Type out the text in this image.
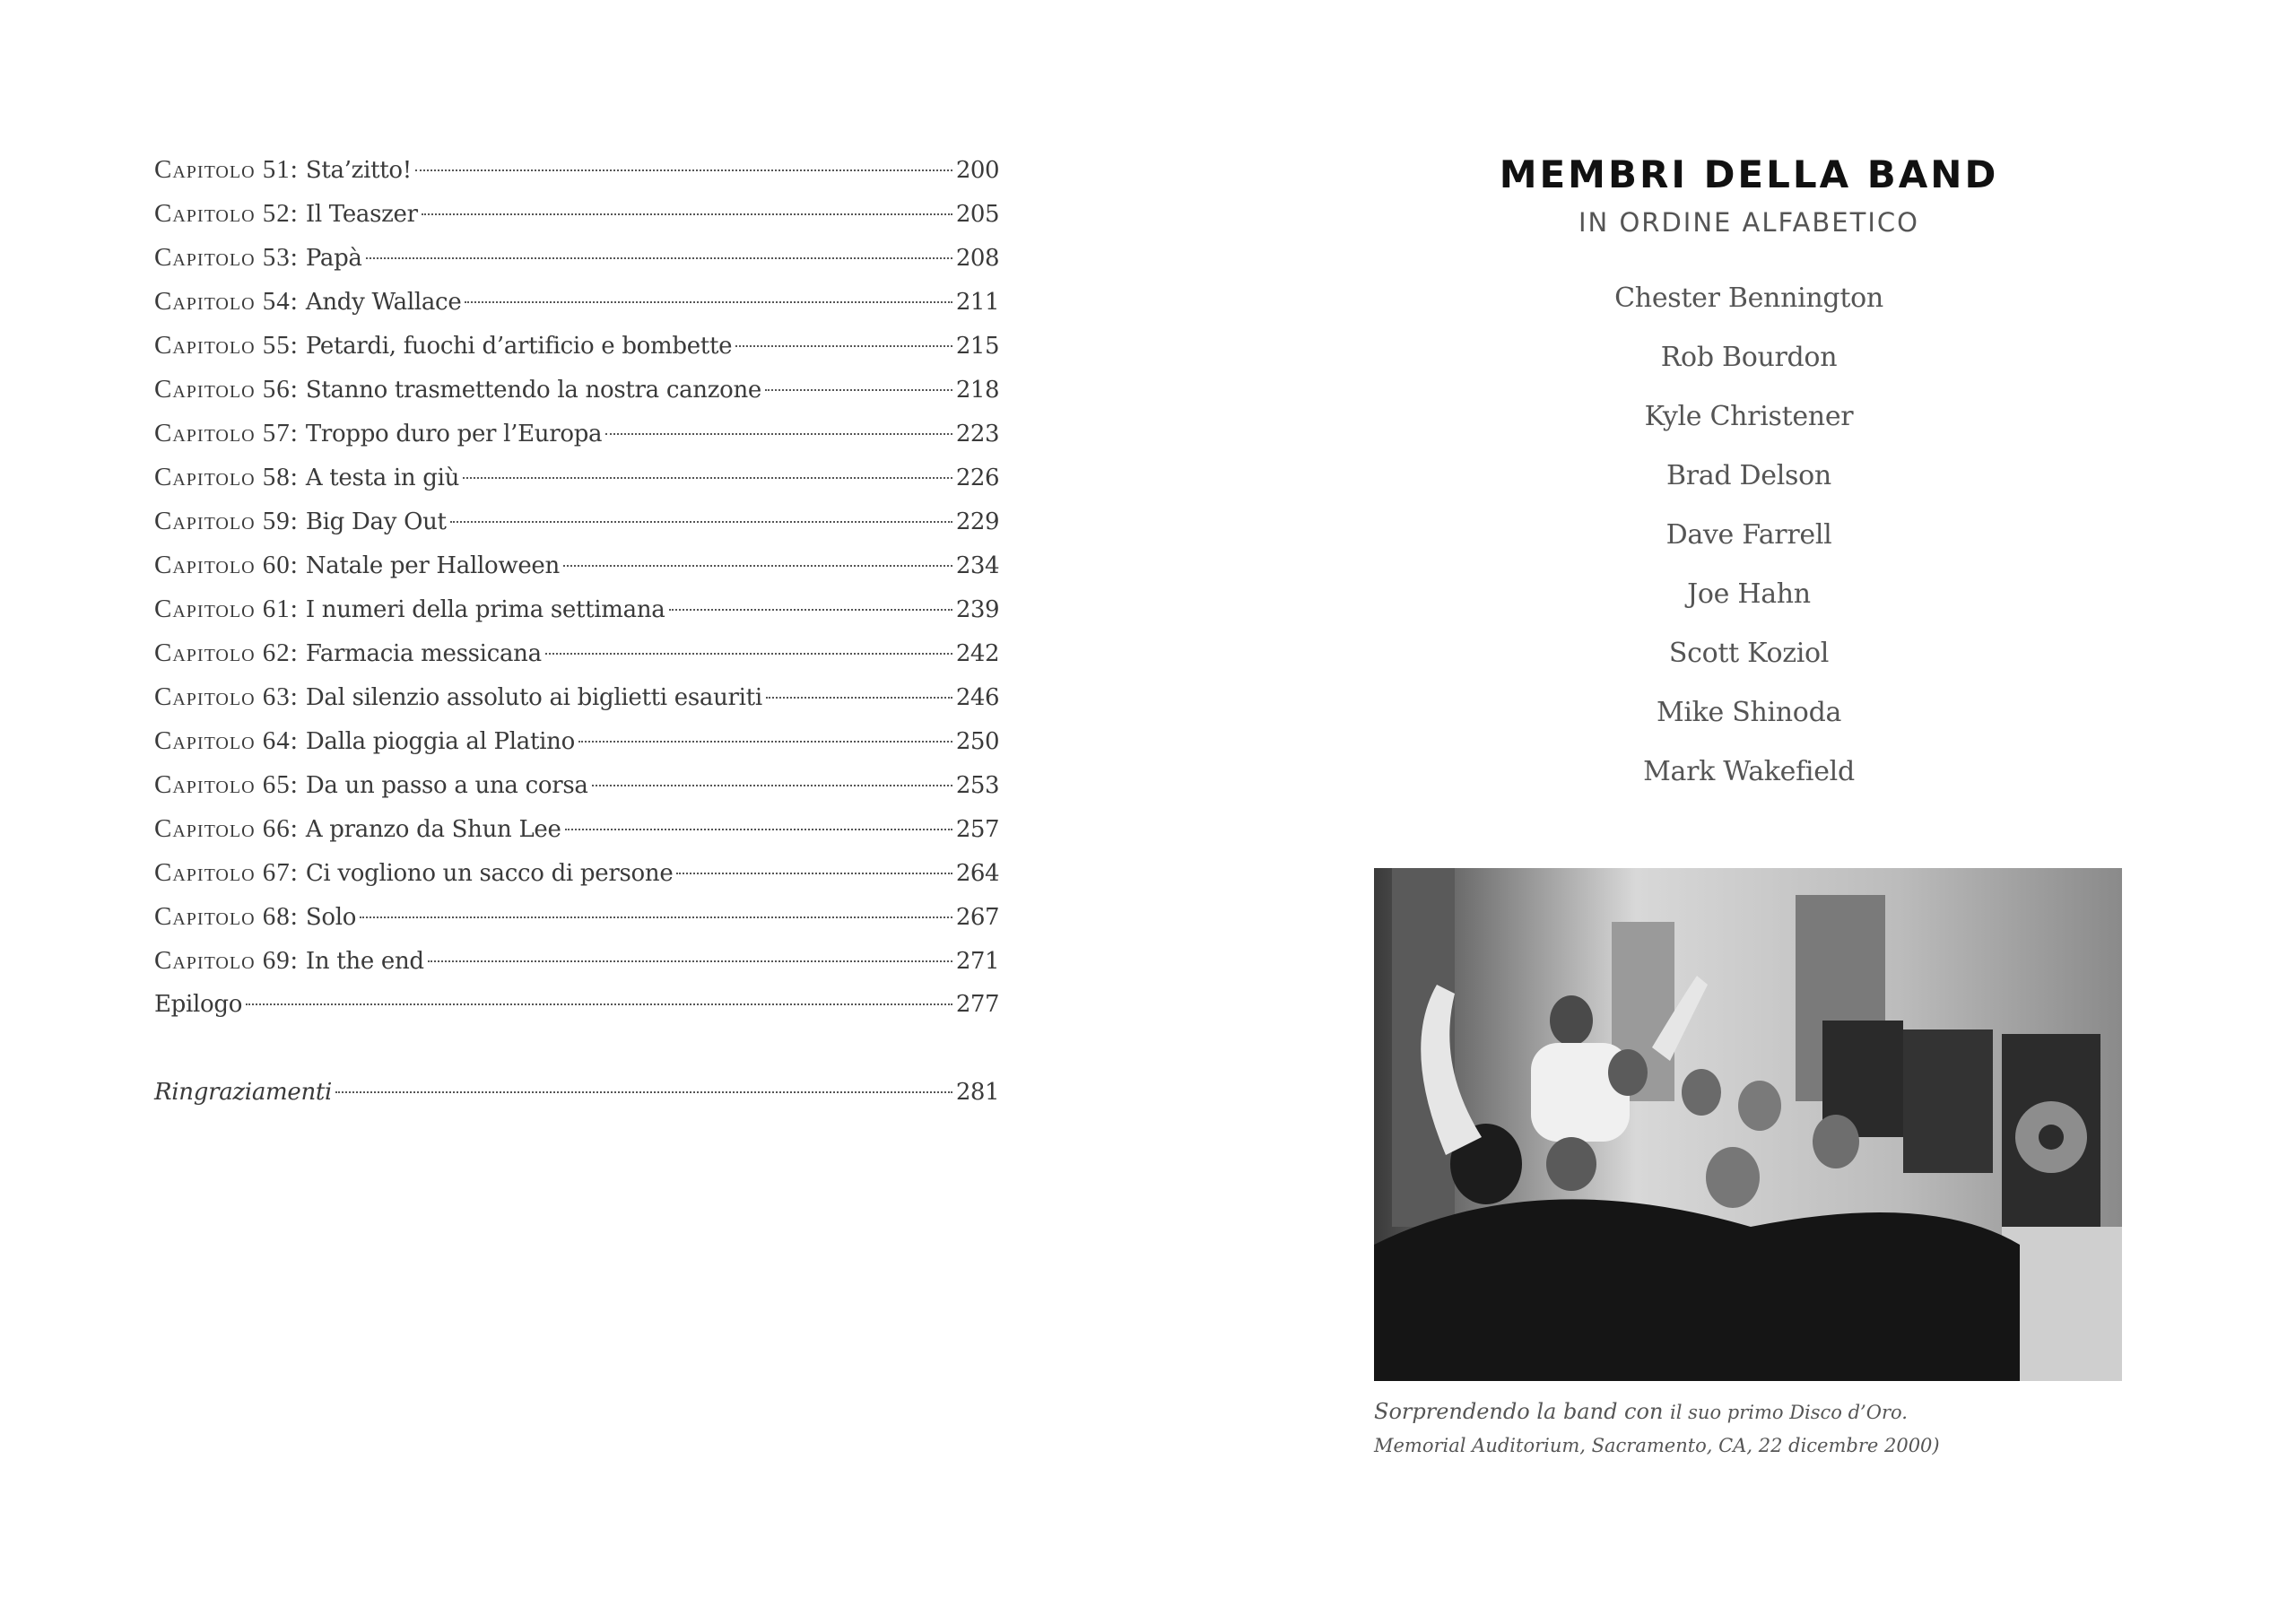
Capitolo 51: Sta’zitto!	200
Capitolo 52: Il Teaszer	205
Capitolo 53: Papà	208
Capitolo 54: Andy Wallace	211
Capitolo 55: Petardi, fuochi d’artificio e bombette	215
Capitolo 56: Stanno trasmettendo la nostra canzone	218
Capitolo 57: Troppo duro per l’Europa	223
Capitolo 58: A testa in giù	226
Capitolo 59: Big Day Out	229
Capitolo 60: Natale per Halloween	234
Capitolo 61: I numeri della prima settimana	239
Capitolo 62: Farmacia messicana	242
Capitolo 63: Dal silenzio assoluto ai biglietti esauriti	246
Capitolo 64: Dalla pioggia al Platino	250
Capitolo 65: Da un passo a una corsa	253
Capitolo 66: A pranzo da Shun Lee	257
Capitolo 67: Ci vogliono un sacco di persone	264
Capitolo 68: Solo	267
Capitolo 69: In the end	271
Epilogo	277
Ringraziamenti	281
MEMBRI DELLA BAND
IN ORDINE ALFABETICO
Chester Bennington
Rob Bourdon
Kyle Christener
Brad Delson
Dave Farrell
Joe Hahn
Scott Koziol
Mike Shinoda
Mark Wakefield
Sorprendendo la band con il suo primo Disco d’Oro.
Memorial Auditorium, Sacramento, CA, 22 dicembre 2000)
